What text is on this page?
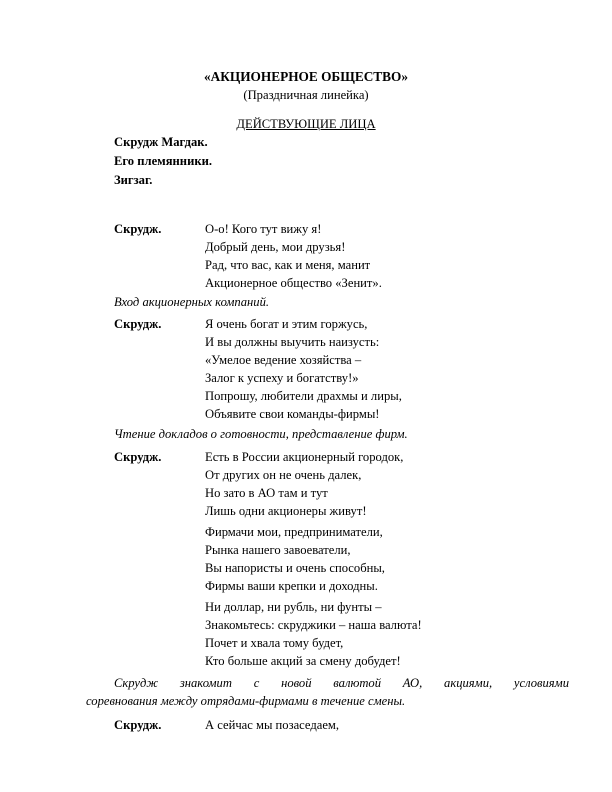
«АКЦИОНЕРНОЕ ОБЩЕСТВО»
(Праздничная линейка)
ДЕЙСТВУЮЩИЕ ЛИЦА
Скрудж Магдак.
Его племянники.
Зигзаг.
Скрудж.	О-о! Кого тут вижу я!
Добрый день, мои друзья!
Рад, что вас, как и меня, манит
Акционерное общество «Зенит».
Вход акционерных компаний.
Скрудж.	Я очень богат и этим горжусь,
И вы должны выучить наизусть:
«Умелое ведение хозяйства –
Залог к успеху и богатству!»
Попрошу, любители драхмы и лиры,
Объявите свои команды-фирмы!
Чтение докладов о готовности, представление фирм.
Скрудж.	Есть в России акционерный городок,
От других он не очень далек,
Но зато в АО там и тут
Лишь одни акционеры живут!
Фирмачи мои, предприниматели,
Рынка нашего завоеватели,
Вы напористы и очень способны,
Фирмы ваши крепки и доходны.
Ни доллар, ни рубль, ни фунты –
Знакомьтесь: скруджики – наша валюта!
Почет и хвала тому будет,
Кто больше акций за смену добудет!
Скрудж знакомит с новой валютой АО, акциями, условиями
соревнования между отрядами-фирмами в течение смены.
Скрудж.	А сейчас мы позаседаем,
